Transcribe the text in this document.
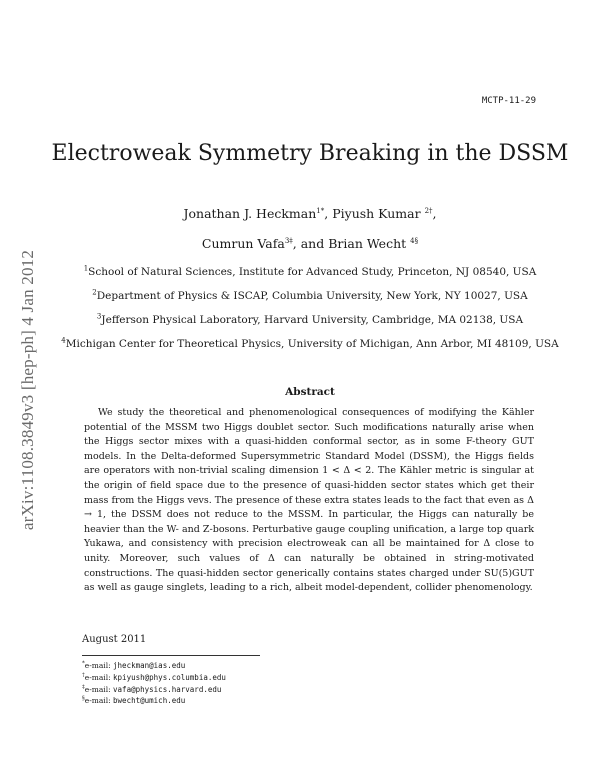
MCTP-11-29
arXiv:1108.3849v3 [hep-ph] 4 Jan 2012
Electroweak Symmetry Breaking in the DSSM
Jonathan J. Heckman$^{1*}$, Piyush Kumar $^{2\dagger}$,
Cumrun Vafa$^{3\ddagger}$, and Brian Wecht $^{4\S}$
$^1$School of Natural Sciences, Institute for Advanced Study, Princeton, NJ 08540, USA
$^2$Department of Physics & ISCAP, Columbia University, New York, NY 10027, USA
$^3$Jefferson Physical Laboratory, Harvard University, Cambridge, MA 02138, USA
$^4$Michigan Center for Theoretical Physics, University of Michigan, Ann Arbor, MI 48109, USA
Abstract

We study the theoretical and phenomenological consequences of modifying the Kähler potential of the MSSM two Higgs doublet sector. Such modifications naturally arise when the Higgs sector mixes with a quasi-hidden conformal sector, as in some F-theory GUT models. In the Delta-deformed Supersymmetric Standard Model (DSSM), the Higgs fields are operators with non-trivial scaling dimension 1 < Δ < 2. The Kähler metric is singular at the origin of field space due to the presence of quasi-hidden sector states which get their mass from the Higgs vevs. The presence of these extra states leads to the fact that even as Δ → 1, the DSSM does not reduce to the MSSM. In particular, the Higgs can naturally be heavier than the W- and Z-bosons. Perturbative gauge coupling unification, a large top quark Yukawa, and consistency with precision electroweak can all be maintained for Δ close to unity. Moreover, such values of Δ can naturally be obtained in string-motivated constructions. The quasi-hidden sector generically contains states charged under SU(5)GUT as well as gauge singlets, leading to a rich, albeit model-dependent, collider phenomenology.

August 2011
*e-mail: jheckman@ias.edu
†e-mail: kpiyush@phys.columbia.edu
‡e-mail: vafa@physics.harvard.edu
§e-mail: bwecht@umich.edu
